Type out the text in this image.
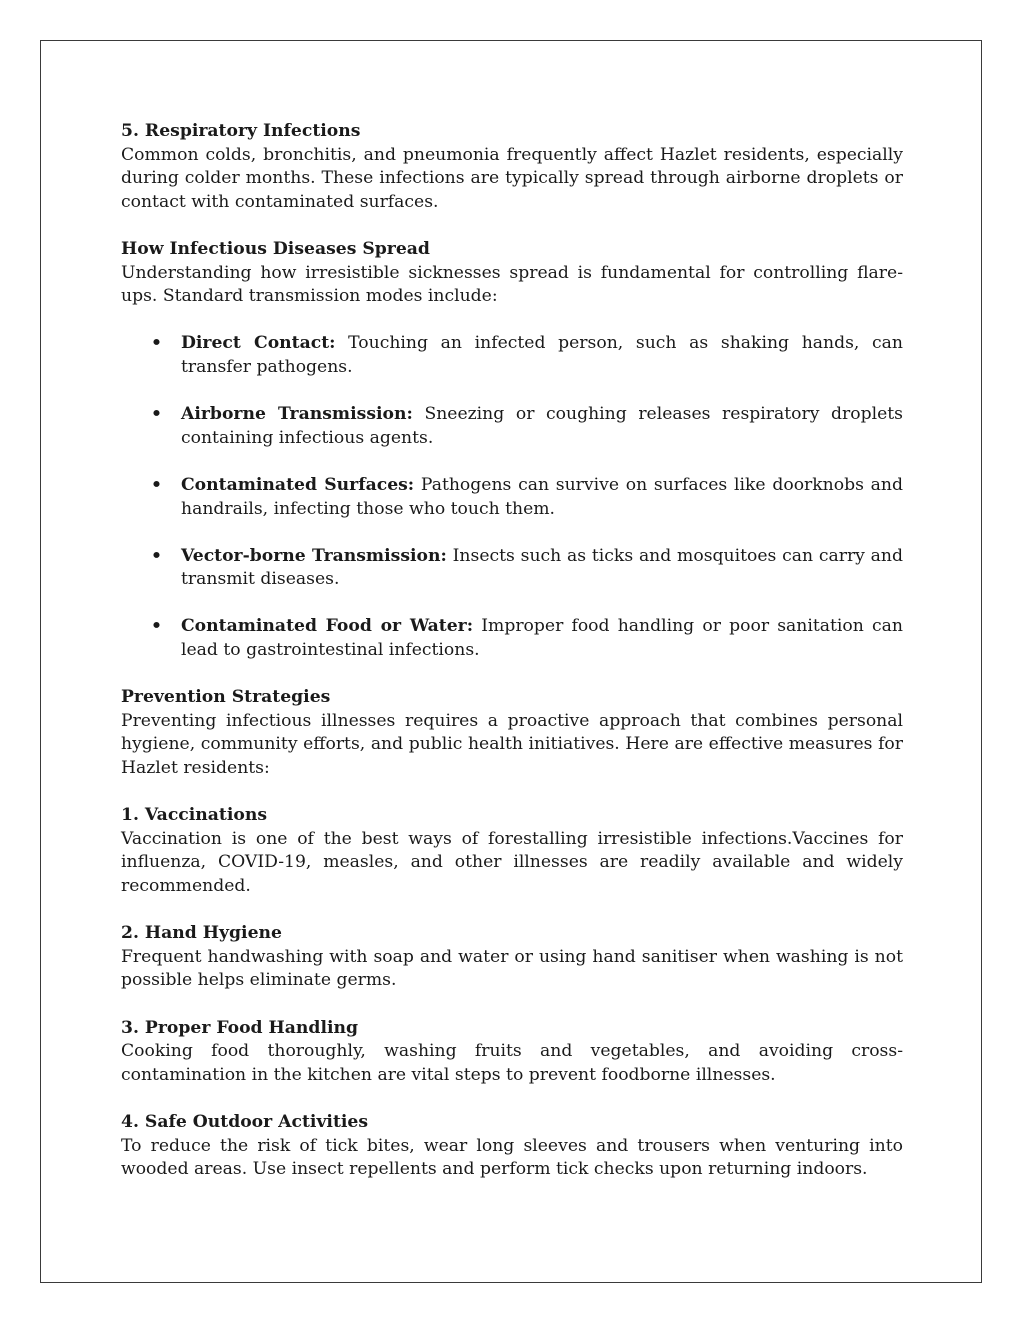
5. Respiratory Infections

Common colds, bronchitis, and pneumonia frequently affect Hazlet residents, especially during colder months. These infections are typically spread through airborne droplets or contact with contaminated surfaces.

How Infectious Diseases Spread

Understanding how irresistible sicknesses spread is fundamental for controlling flare-ups. Standard transmission modes include:

• Direct Contact: Touching an infected person, such as shaking hands, can transfer pathogens.
• Airborne Transmission: Sneezing or coughing releases respiratory droplets containing infectious agents.
• Contaminated Surfaces: Pathogens can survive on surfaces like doorknobs and handrails, infecting those who touch them.
• Vector-borne Transmission: Insects such as ticks and mosquitoes can carry and transmit diseases.
• Contaminated Food or Water: Improper food handling or poor sanitation can lead to gastrointestinal infections.

Prevention Strategies

Preventing infectious illnesses requires a proactive approach that combines personal hygiene, community efforts, and public health initiatives. Here are effective measures for Hazlet residents:

1. Vaccinations

Vaccination is one of the best ways of forestalling irresistible infections.Vaccines for influenza, COVID-19, measles, and other illnesses are readily available and widely recommended.

2. Hand Hygiene

Frequent handwashing with soap and water or using hand sanitiser when washing is not possible helps eliminate germs.

3. Proper Food Handling

Cooking food thoroughly, washing fruits and vegetables, and avoiding cross-contamination in the kitchen are vital steps to prevent foodborne illnesses.

4. Safe Outdoor Activities

To reduce the risk of tick bites, wear long sleeves and trousers when venturing into wooded areas. Use insect repellents and perform tick checks upon returning indoors.
